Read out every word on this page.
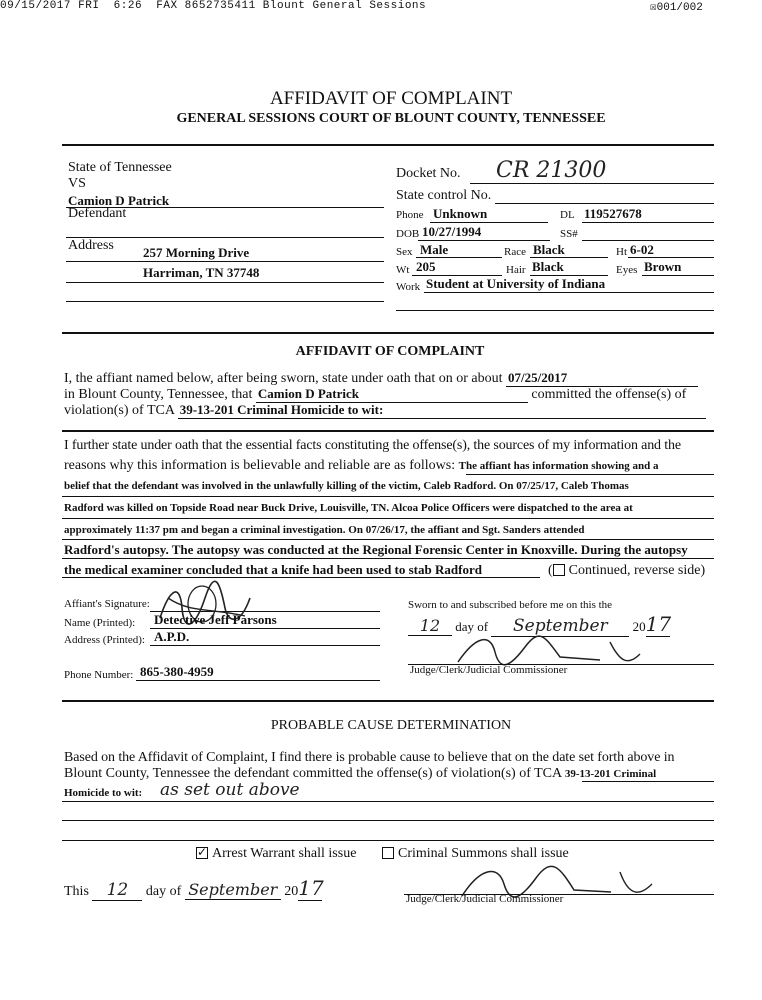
09/15/2017 FRI 6:26 FAX 8652735411 Blount General Sessions	☒001/002
AFFIDAVIT OF COMPLAINT
GENERAL SESSIONS COURT OF BLOUNT COUNTY, TENNESSEE
State of Tennessee
VS
Camion D Patrick
Defendant
Address 257 Morning Drive
Harriman, TN 37748
Docket No. CR 21300
State control No.
Phone Unknown	DL 119527678
DOB 10/27/1994	SS#
Sex Male	Race Black	Ht 6-02
Wt 205	Hair Black	Eyes Brown
Work Student at University of Indiana
AFFIDAVIT OF COMPLAINT
I, the affiant named below, after being sworn, state under oath that on or about 07/25/2017
in Blount County, Tennessee, that Camion D Patrick	committed the offense(s) of
violation(s) of TCA 39-13-201 Criminal Homicide to wit:
I further state under oath that the essential facts constituting the offense(s), the sources of my information and the
reasons why this information is believable and reliable are as follows: The affiant has information showing and a
belief that the defendant was involved in the unlawfully killing of the victim, Caleb Radford. On 07/25/17, Caleb Thomas
Radford was killed on Topside Road near Buck Drive, Louisville, TN. Alcoa Police Officers were dispatched to the area at
approximately 11:37 pm and began a criminal investigation. On 07/26/17, the affiant and Sgt. Sanders attended
Radford's autopsy. The autopsy was conducted at the Regional Forensic Center in Knoxville. During the autopsy
the medical examiner concluded that a knife had been used to stab Radford	( Continued, reverse side)
Affiant's Signature:
Name (Printed): Detective Jeff Parsons
Address (Printed): A.P.D.
Phone Number: 865-380-4959
Sworn to and subscribed before me on this the
12 day of September 2017
Judge/Clerk/Judicial Commissioner
PROBABLE CAUSE DETERMINATION
Based on the Affidavit of Complaint, I find there is probable cause to believe that on the date set forth above in
Blount County, Tennessee the defendant committed the offense(s) of violation(s) of TCA 39-13-201 Criminal
Homicide to wit: as set out above
✓ Arrest Warrant shall issue	Criminal Summons shall issue
This 12 day of September 2017	Judge/Clerk/Judicial Commissioner
